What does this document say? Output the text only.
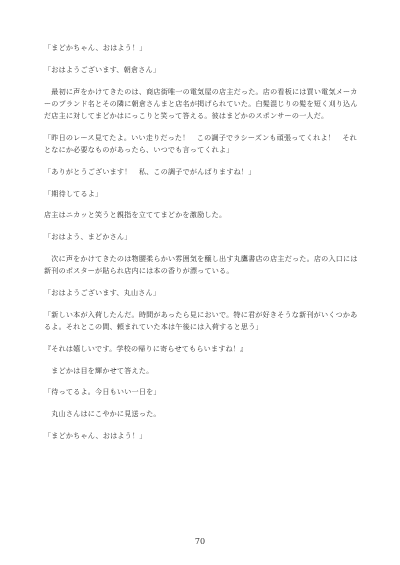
「まどかちゃん、おはよう！」

「おはようございます、朝倉さん」

　最初に声をかけてきたのは、商店街唯一の電気屋の店主だった。店の看板には買い電気メーカーのブランド名とその隣に朝倉さんまと店名が掲げられていた。白髪混じりの髪を短く刈り込んだ店主に対してまどかはにっこりと笑って答える。彼はまどかのスポンサーの一人だ。

「昨日のレース見てたよ。いい走りだった！　この調子でラシーズンも頑張ってくれよ！　それとなにか必要なものがあったら、いつでも言ってくれよ」

「ありがとうございます！　私、この調子でがんばりますね！」

「期待してるよ」

店主はニカッと笑うと親指を立ててまどかを激励した。

「おはよう、まどかさん」

　次に声をかけてきたのは物腰柔らかい雰囲気を醸し出す丸鷹書店の店主だった。店の入口には新刊のポスターが貼られ店内には本の香りが漂っている。

「おはようございます、丸山さん」

「新しい本が入荷したんだ。時間があったら見においで。特に君が好きそうな新刊がいくつかあるよ。それとこの間、頼まれていた本は午後には入荷すると思う」

『それは嬉しいです。学校の帰りに寄らせてもらいますね！』

　まどかは目を輝かせて答えた。

「待ってるよ。今日もいい一日を」

　丸山さんはにこやかに見送った。

「まどかちゃん、おはよう！」

70
